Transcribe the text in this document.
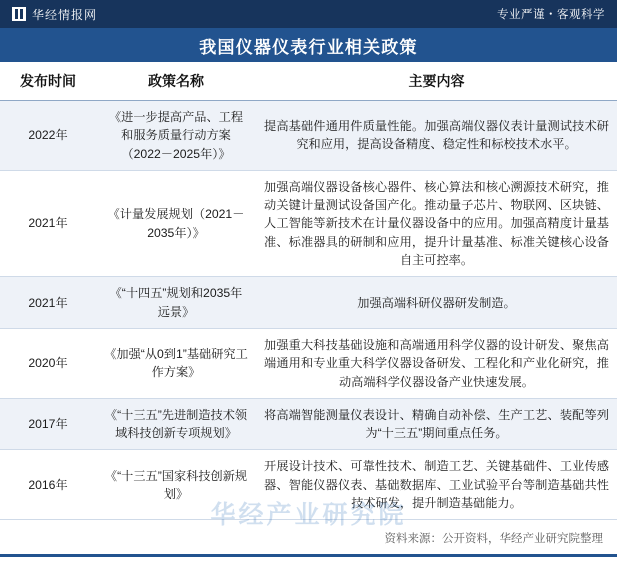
华经情报网	专业严谨・客观科学
我国仪器仪表行业相关政策
发布时间	政策名称	主要内容
2022年	《进一步提高产品、工程和服务质量行动方案（2022－2025年）》	提高基础件通用件质量性能。加强高端仪器仪表计量测试技术研究和应用，提高设备精度、稳定性和标校技术水平。
2021年	《计量发展规划（2021－2035年）》	加强高端仪器设备核心器件、核心算法和核心溯源技术研究，推动关键计量测试设备国产化。推动量子芯片、物联网、区块链、人工智能等新技术在计量仪器设备中的应用。加强高精度计量基准、标准器具的研制和应用，提升计量基准、标准关键核心设备自主可控率。
2021年	《“十四五”规划和2035年远景》	加强高端科研仪器研发制造。
2020年	《加强“从0到1”基础研究工作方案》	加强重大科技基础设施和高端通用科学仪器的设计研发、聚焦高端通用和专业重大科学仪器设备研发、工程化和产业化研究，推动高端科学仪器设备产业快速发展。
2017年	《“十三五”先进制造技术领域科技创新专项规划》	将高端智能测量仪表设计、精确自动补偿、生产工艺、装配等列为“十三五”期间重点任务。
2016年	《“十三五”国家科技创新规划》	开展设计技术、可靠性技术、制造工艺、关键基础件、工业传感器、智能仪器仪表、基础数据库、工业试验平台等制造基础共性技术研发，提升制造基础能力。
华经产业研究院
资料来源：公开资料，华经产业研究院整理
